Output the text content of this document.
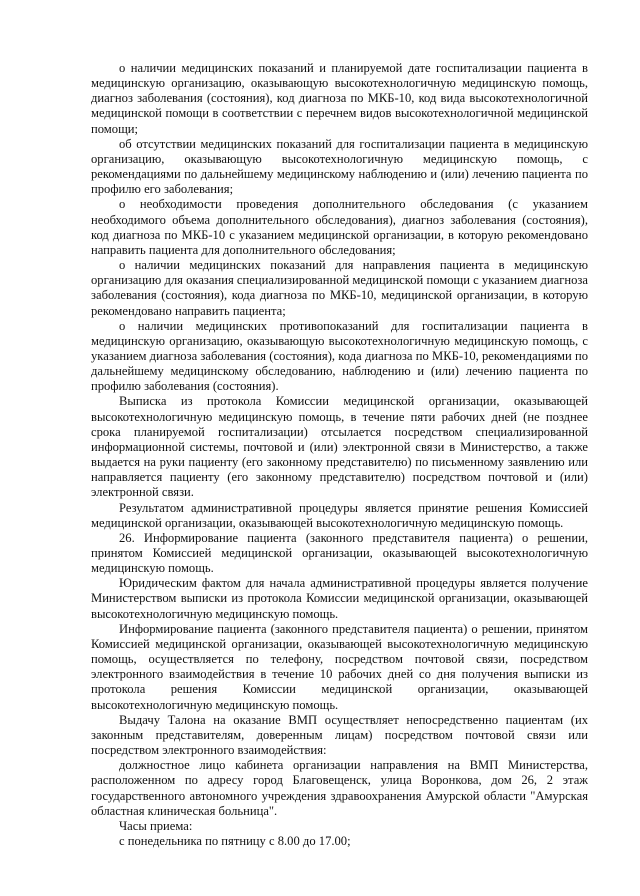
о наличии медицинских показаний и планируемой дате госпитализации пациента в медицинскую организацию, оказывающую высокотехнологичную медицинскую помощь, диагноз заболевания (состояния), код диагноза по МКБ-10, код вида высокотехнологичной медицинской помощи в соответствии с перечнем видов высокотехнологичной медицинской помощи;

об отсутствии медицинских показаний для госпитализации пациента в медицинскую организацию, оказывающую высокотехнологичную медицинскую помощь, с рекомендациями по дальнейшему медицинскому наблюдению и (или) лечению пациента по профилю его заболевания;

о необходимости проведения дополнительного обследования (с указанием необходимого объема дополнительного обследования), диагноз заболевания (состояния), код диагноза по МКБ-10 с указанием медицинской организации, в которую рекомендовано направить пациента для дополнительного обследования;

о наличии медицинских показаний для направления пациента в медицинскую организацию для оказания специализированной медицинской помощи с указанием диагноза заболевания (состояния), кода диагноза по МКБ-10, медицинской организации, в которую рекомендовано направить пациента;

о наличии медицинских противопоказаний для госпитализации пациента в медицинскую организацию, оказывающую высокотехнологичную медицинскую помощь, с указанием диагноза заболевания (состояния), кода диагноза по МКБ-10, рекомендациями по дальнейшему медицинскому обследованию, наблюдению и (или) лечению пациента по профилю заболевания (состояния).

Выписка из протокола Комиссии медицинской организации, оказывающей высокотехнологичную медицинскую помощь, в течение пяти рабочих дней (не позднее срока планируемой госпитализации) отсылается посредством специализированной информационной системы, почтовой и (или) электронной связи в Министерство, а также выдается на руки пациенту (его законному представителю) по письменному заявлению или направляется пациенту (его законному представителю) посредством почтовой и (или) электронной связи.

Результатом административной процедуры является принятие решения Комиссией медицинской организации, оказывающей высокотехнологичную медицинскую помощь.

26. Информирование пациента (законного представителя пациента) о решении, принятом Комиссией медицинской организации, оказывающей высокотехнологичную медицинскую помощь.

Юридическим фактом для начала административной процедуры является получение Министерством выписки из протокола Комиссии медицинской организации, оказывающей высокотехнологичную медицинскую помощь.

Информирование пациента (законного представителя пациента) о решении, принятом Комиссией медицинской организации, оказывающей высокотехнологичную медицинскую помощь, осуществляется по телефону, посредством почтовой связи, посредством электронного взаимодействия в течение 10 рабочих дней со дня получения выписки из протокола решения Комиссии медицинской организации, оказывающей высокотехнологичную медицинскую помощь.

Выдачу Талона на оказание ВМП осуществляет непосредственно пациентам (их законным представителям, доверенным лицам) посредством почтовой связи или посредством электронного взаимодействия:

должностное лицо кабинета организации направления на ВМП Министерства, расположенном по адресу город Благовещенск, улица Воронкова, дом 26, 2 этаж государственного автономного учреждения здравоохранения Амурской области "Амурская областная клиническая больница".

Часы приема:

с понедельника по пятницу с 8.00 до 17.00;
